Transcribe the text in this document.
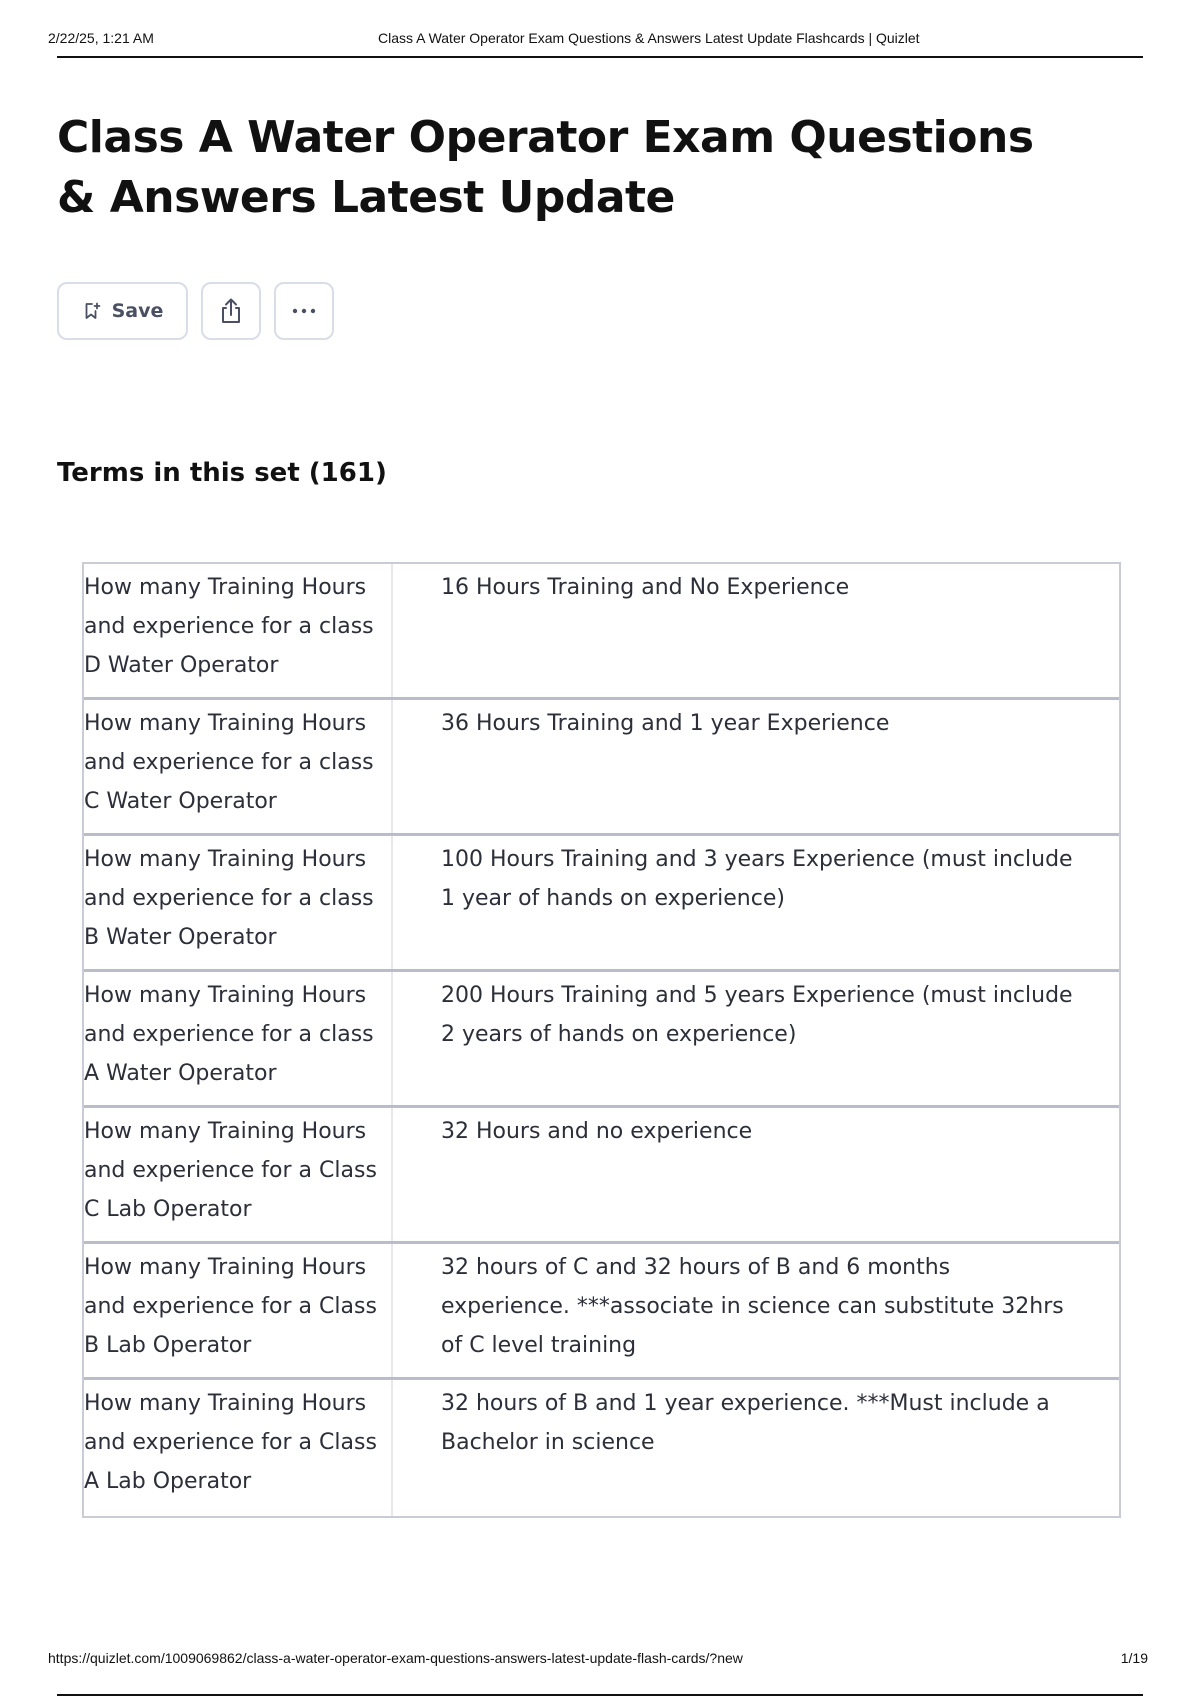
2/22/25, 1:21 AM	Class A Water Operator Exam Questions & Answers Latest Update Flashcards | Quizlet
Class A Water Operator Exam Questions & Answers Latest Update
Save
Terms in this set (161)
How many Training Hours and experience for a class D Water Operator
16 Hours Training and No Experience
How many Training Hours and experience for a class C Water Operator
36 Hours Training and 1 year Experience
How many Training Hours and experience for a class B Water Operator
100 Hours Training and 3 years Experience (must include 1 year of hands on experience)
How many Training Hours and experience for a class A Water Operator
200 Hours Training and 5 years Experience (must include 2 years of hands on experience)
How many Training Hours and experience for a Class C Lab Operator
32 Hours and no experience
How many Training Hours and experience for a Class B Lab Operator
32 hours of C and 32 hours of B and 6 months experience. ***associate in science can substitute 32hrs of C level training
How many Training Hours and experience for a Class A Lab Operator
32 hours of B and 1 year experience. ***Must include a Bachelor in science
https://quizlet.com/1009069862/class-a-water-operator-exam-questions-answers-latest-update-flash-cards/?new	1/19
